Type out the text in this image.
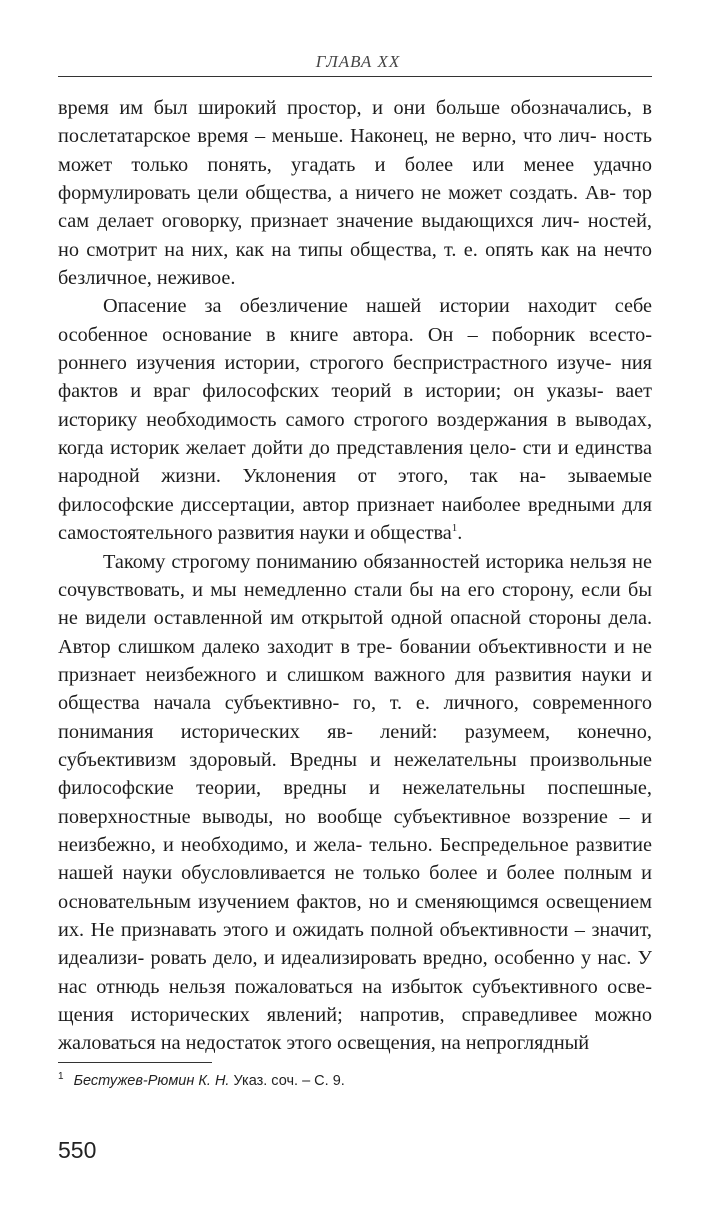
ГЛАВА XX

время им был широкий простор, и они больше обозначались, в послетатарское время – меньше. Наконец, не верно, что лич- ность может только понять, угадать и более или менее удачно формулировать цели общества, а ничего не может создать. Ав- тор сам делает оговорку, признает значение выдающихся лич- ностей, но смотрит на них, как на типы общества, т. е. опять как на нечто безличное, неживое.

Опасение за обезличение нашей истории находит себе особенное основание в книге автора. Он – поборник всесто- роннего изучения истории, строгого беспристрастного изуче- ния фактов и враг философских теорий в истории; он указы- вает историку необходимость самого строгого воздержания в выводах, когда историк желает дойти до представления цело- сти и единства народной жизни. Уклонения от этого, так на- зываемые философские диссертации, автор признает наиболее вредными для самостоятельного развития науки и общества$^1$.

Такому строгому пониманию обязанностей историка нельзя не сочувствовать, и мы немедленно стали бы на его сторону, если бы не видели оставленной им открытой одной опасной стороны дела. Автор слишком далеко заходит в тре- бовании объективности и не признает неизбежного и слишком важного для развития науки и общества начала субъективно- го, т. е. личного, современного понимания исторических яв- лений: разумеем, конечно, субъективизм здоровый. Вредны и нежелательны произвольные философские теории, вредны и нежелательны поспешные, поверхностные выводы, но вообще субъективное воззрение – и неизбежно, и необходимо, и жела- тельно. Беспредельное развитие нашей науки обусловливается не только более и более полным и основательным изучением фактов, но и сменяющимся освещением их. Не признавать этого и ожидать полной объективности – значит, идеализи- ровать дело, и идеализировать вредно, особенно у нас. У нас отнюдь нельзя пожаловаться на избыток субъективного осве- щения исторических явлений; напротив, справедливее можно жаловаться на недостаток этого освещения, на непроглядный

$^1$ Бестужев-Рюмин К. Н. Указ. соч. – С. 9.
550
